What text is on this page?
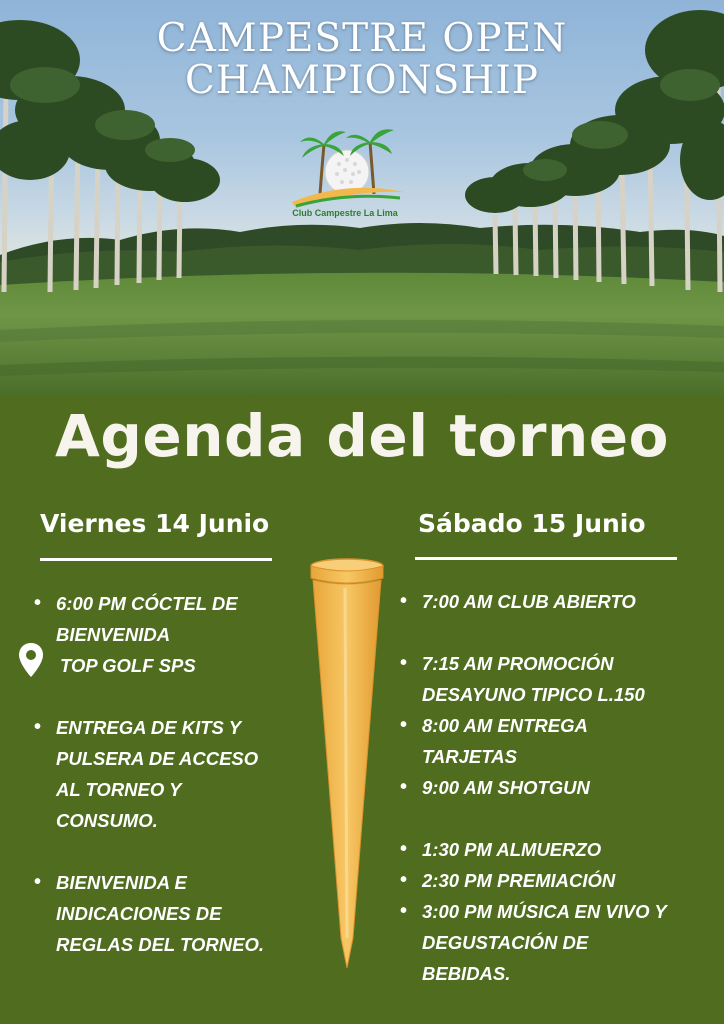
CAMPESTRE OPEN
CHAMPIONSHIP
Club Campestre La Lima
Agenda del torneo
Viernes 14 Junio	Sábado 15 Junio
• 6:00 PM CÓCTEL DE
BIENVENIDA
TOP GOLF SPS
• ENTREGA DE KITS Y
PULSERA DE ACCESO
AL TORNEO Y
CONSUMO.
• BIENVENIDA E
INDICACIONES DE
REGLAS DEL TORNEO.
• 7:00 AM CLUB ABIERTO
• 7:15 AM PROMOCIÓN
DESAYUNO TIPICO L.150
• 8:00 AM ENTREGA
TARJETAS
• 9:00 AM SHOTGUN
• 1:30 PM ALMUERZO
• 2:30 PM PREMIACIÓN
• 3:00 PM MÚSICA EN VIVO Y
DEGUSTACIÓN DE
BEBIDAS.
